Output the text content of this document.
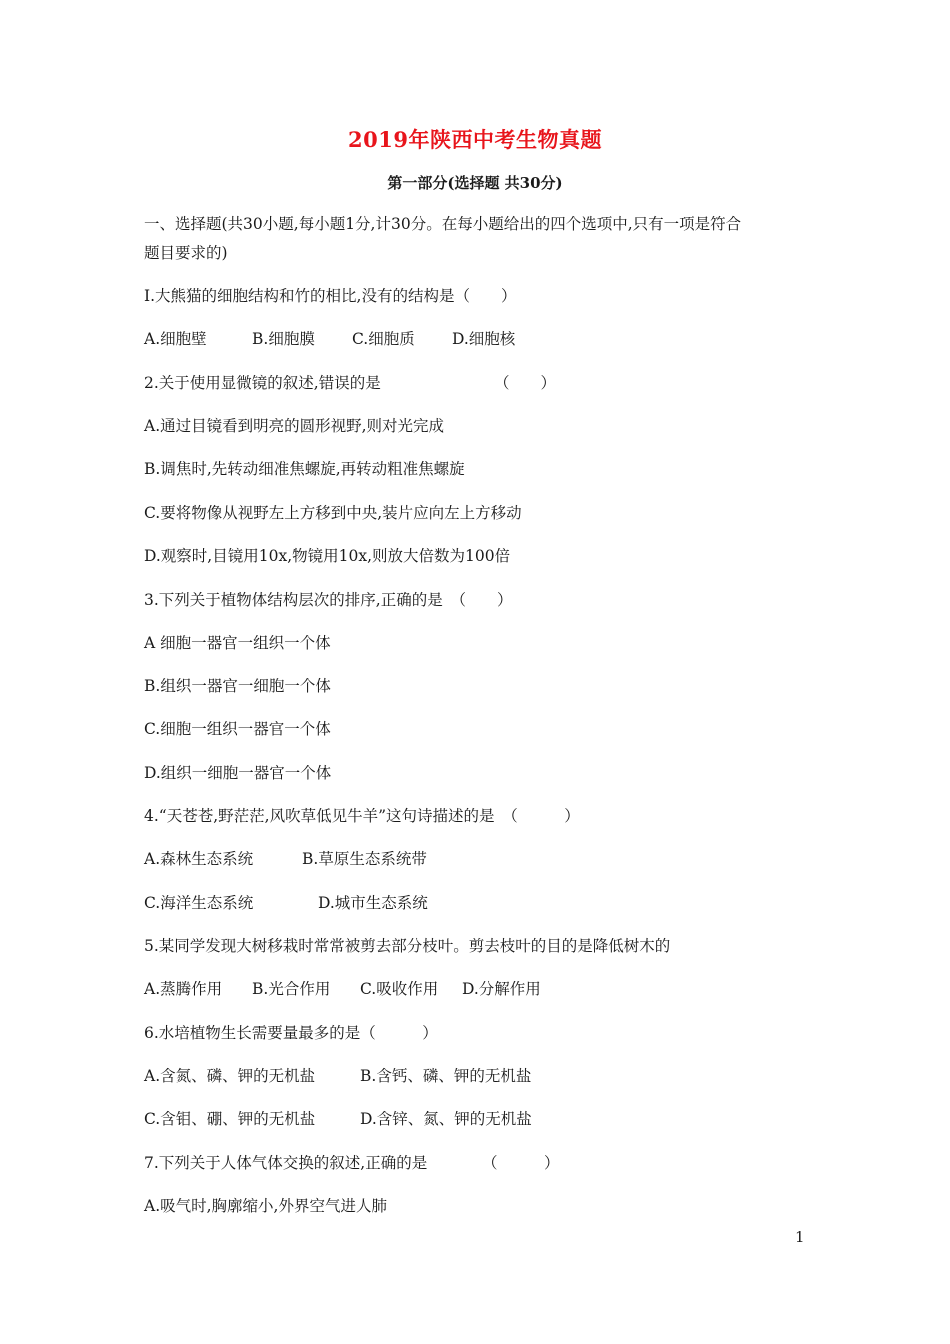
2019年陕西中考生物真题
第一部分(选择题 共30分)
一、选择题(共30小题,每小题1分,计30分。在每小题给出的四个选项中,只有一项是符合
题目要求的)
I.大熊猫的细胞结构和竹的相比,没有的结构是（　　）
A.细胞壁	B.细胞膜 C.细胞质 D.细胞核
2.关于使用显微镜的叙述,错误的是	（　　）
A.通过目镜看到明亮的圆形视野,则对光完成
B.调焦时,先转动细准焦螺旋,再转动粗准焦螺旋
C.要将物像从视野左上方移到中央,装片应向左上方移动
D.观察时,目镜用10x,物镜用10x,则放大倍数为100倍
3.下列关于植物体结构层次的排序,正确的是　（　　）
A 细胞一器官一组织一个体
B.组织一器官一细胞一个体
C.细胞一组织一器官一个体
D.组织一细胞一器官一个体
4.“天苍苍,野茫茫,风吹草低见牛羊”这句诗描述的是　（　　　）
A.森林生态系统	B.草原生态系统带
C.海洋生态系统	D.城市生态系统
5.某同学发现大树移栽时常常被剪去部分枝叶。剪去枝叶的目的是降低树木的
A.蒸腾作用 B.光合作用 C.吸收作用 D.分解作用
6.水培植物生长需要量最多的是（　　　）
A.含氮、磷、钾的无机盐	B.含钙、磷、钾的无机盐
C.含钼、硼、钾的无机盐	D.含锌、氮、钾的无机盐
7.下列关于人体气体交换的叙述,正确的是	（　　　）
A.吸气时,胸廓缩小,外界空气进人肺
1
